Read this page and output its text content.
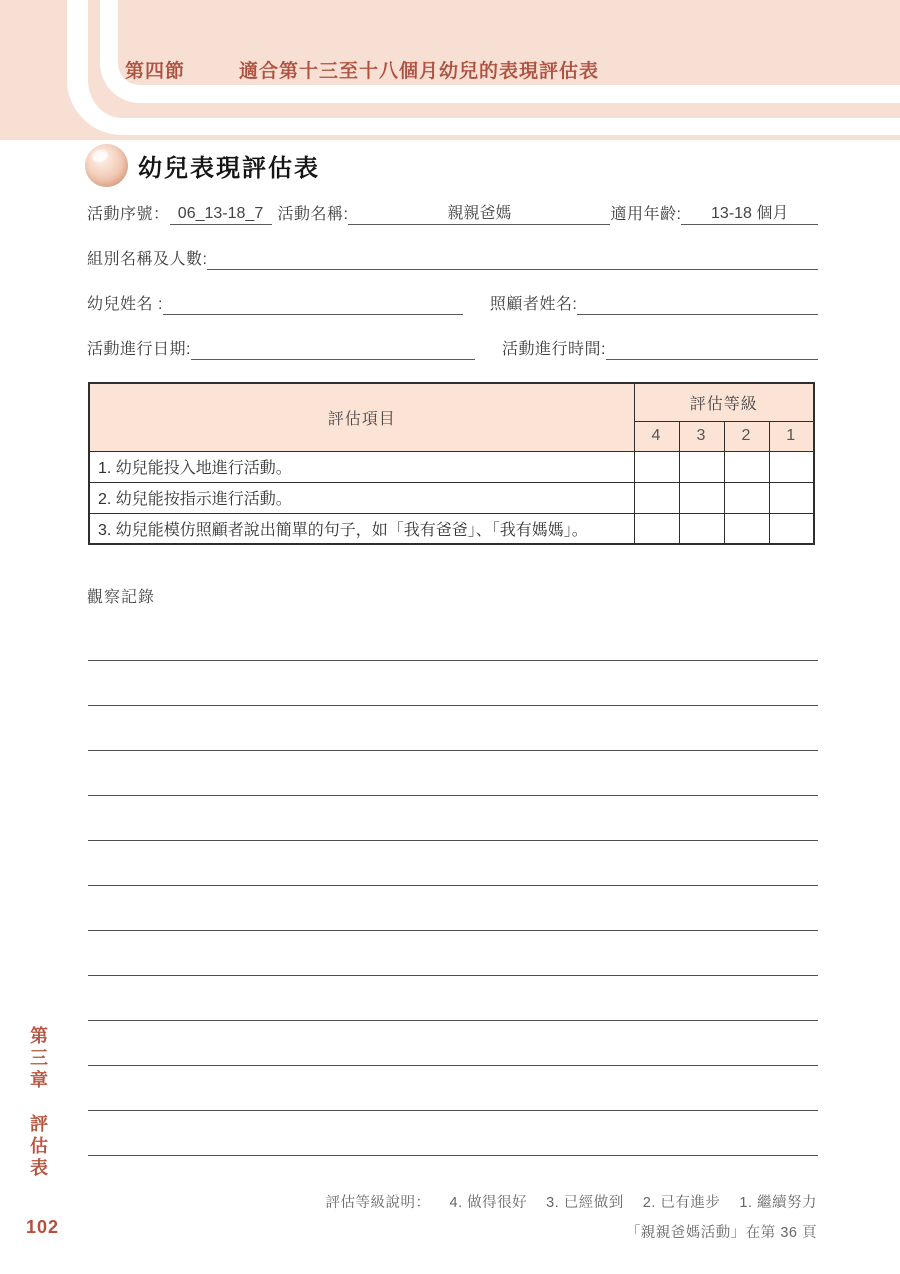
第四節	適合第十三至十八個月幼兒的表現評估表
幼兒表現評估表
活動序號： 06_13-18_7 活動名稱:	親親爸媽	適用年齡:	13-18 個月
組別名稱及人數:
幼兒姓名 :	照顧者姓名:
活動進行日期:	活動進行時間:
評估項目	評估等級			
	4	3	2	1
1. 幼兒能投入地進行活動。				
2. 幼兒能按指示進行活動。				
3. 幼兒能模仿照顧者說出簡單的句子，如「我有爸爸」、「我有媽媽」。				
觀察記錄
第三章
評估表
評估等級說明： 4. 做得很好 3. 已經做到 2. 已有進步 1. 繼續努力
「親親爸媽活動」在第 36 頁
102
